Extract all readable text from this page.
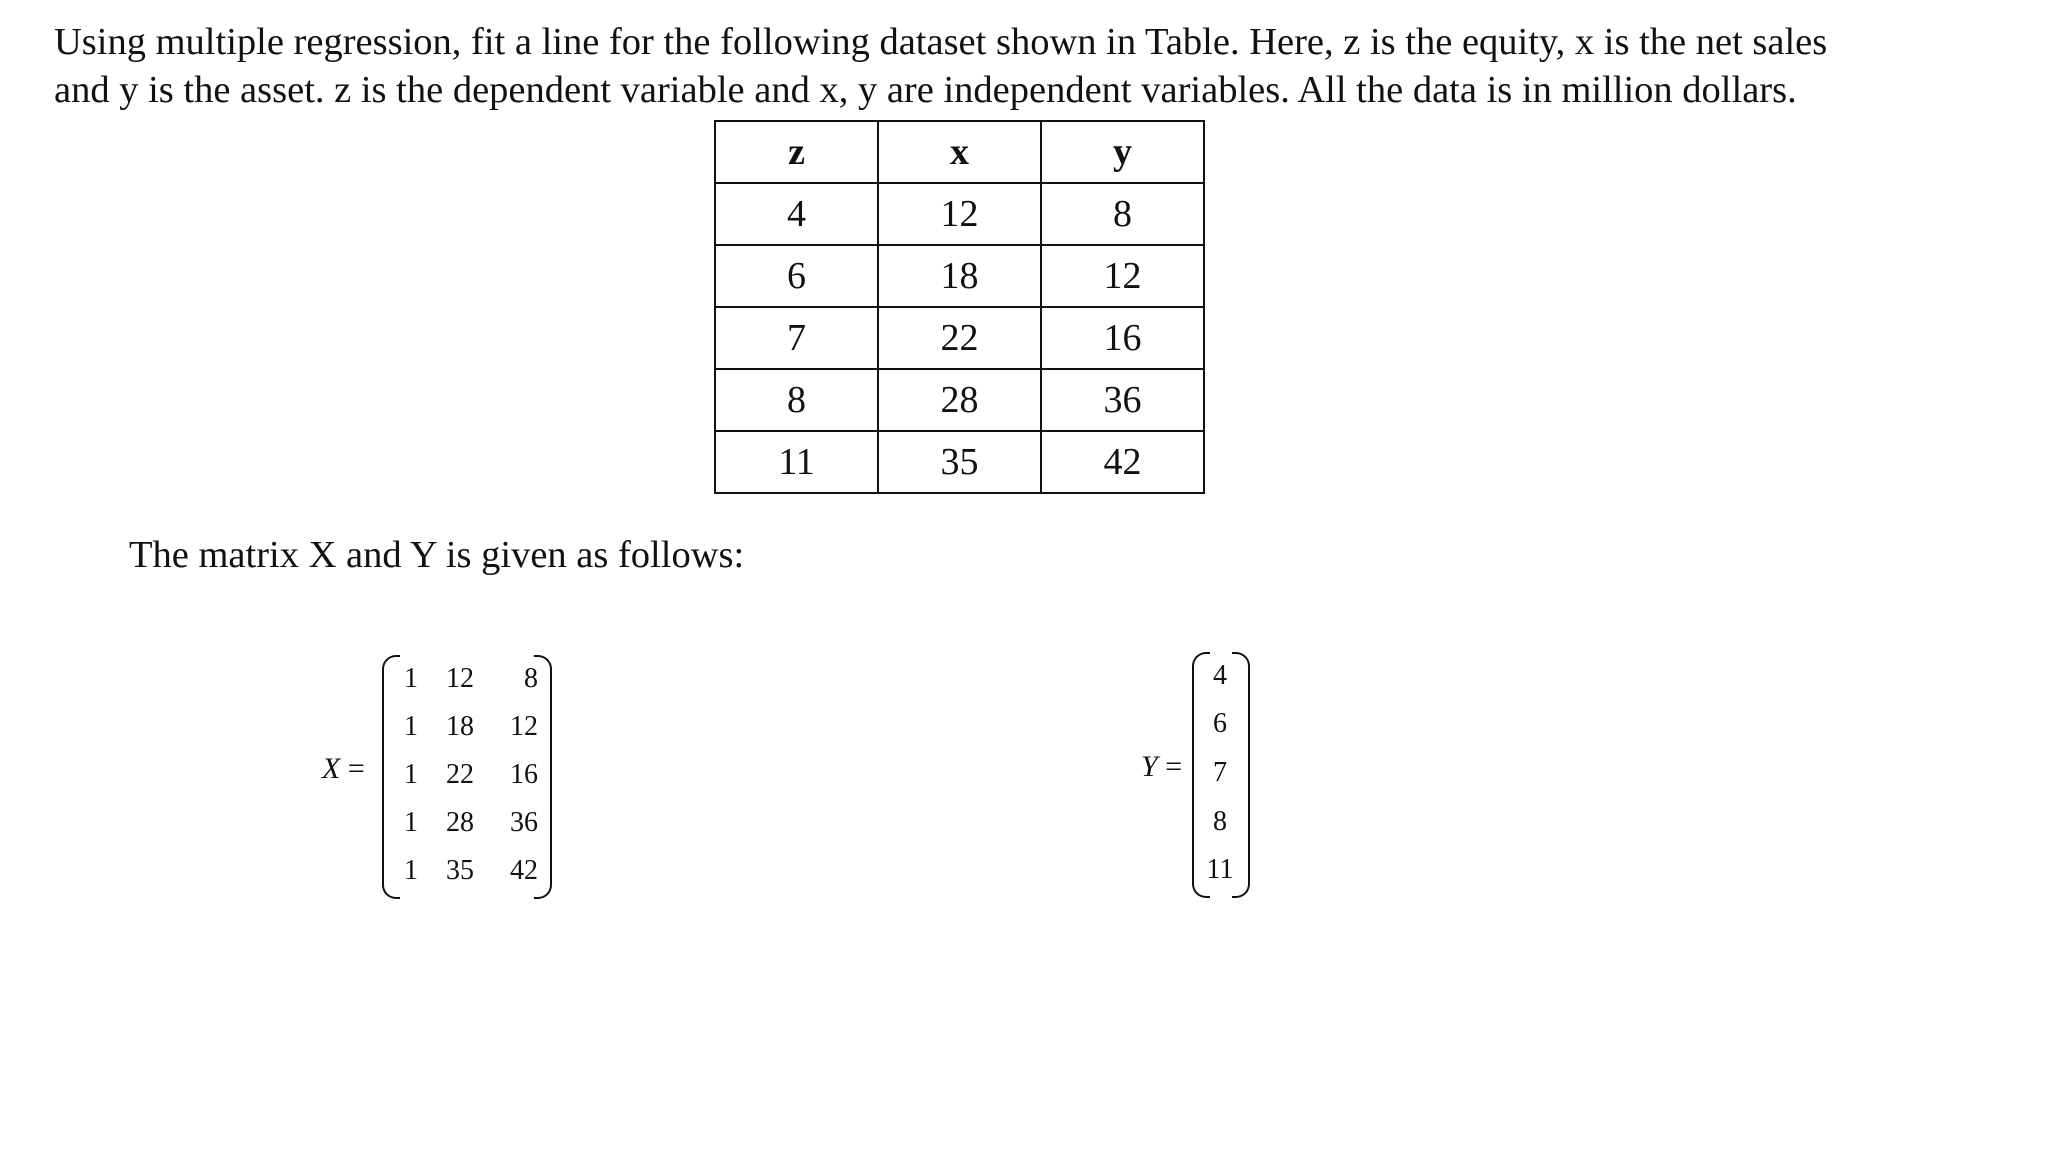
Using multiple regression, fit a line for the following dataset shown in Table. Here, z is the equity, x is the net sales
and y is the asset. z is the dependent variable and x, y are independent variables. All the data is in million dollars.
z	x	y
4	12	8
6	18	12
7	22	16
8	28	36
11	35	42
The matrix X and Y is given as follows:
X =
1	12	8
1	18	12
1	22	16
1	28	36
1	35	42
Y =
4
6
7
8
11
